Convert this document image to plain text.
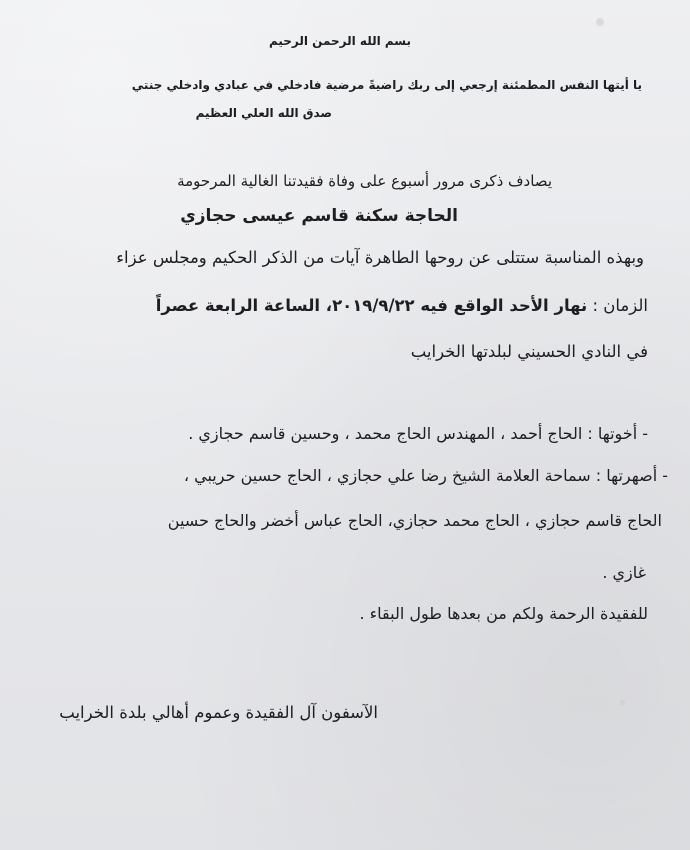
بسم الله الرحمن الرحيم
يا أيتها النفس المطمئنة إرجعي إلى ربك راضيةً مرضية فادخلي في عبادي وادخلي جنتي
صدق الله العلي العظيم
يصادف ذكرى مرور أسبوع على وفاة فقيدتنا الغالية المرحومة
الحاجة سكنة قاسم عيسى حجازي
وبهذه المناسبة ستتلى عن روحها الطاهرة آيات من الذكر الحكيم ومجلس عزاء
الزمان : نهار الأحد الواقع فيه ٢٠١٩/٩/٢٢، الساعة الرابعة عصراً
في النادي الحسيني لبلدتها الخرايب
- أخوتها : الحاج أحمد ، المهندس الحاج محمد ، وحسين قاسم حجازي .
- أصهرتها : سماحة العلامة الشيخ رضا علي حجازي ، الحاج حسين حريبي ،
الحاج قاسم حجازي ، الحاج محمد حجازي، الحاج عباس أخضر والحاج حسين
غازي .
للفقيدة الرحمة ولكم من بعدها طول البقاء .
الآسفون آل الفقيدة وعموم أهالي بلدة الخرايب
